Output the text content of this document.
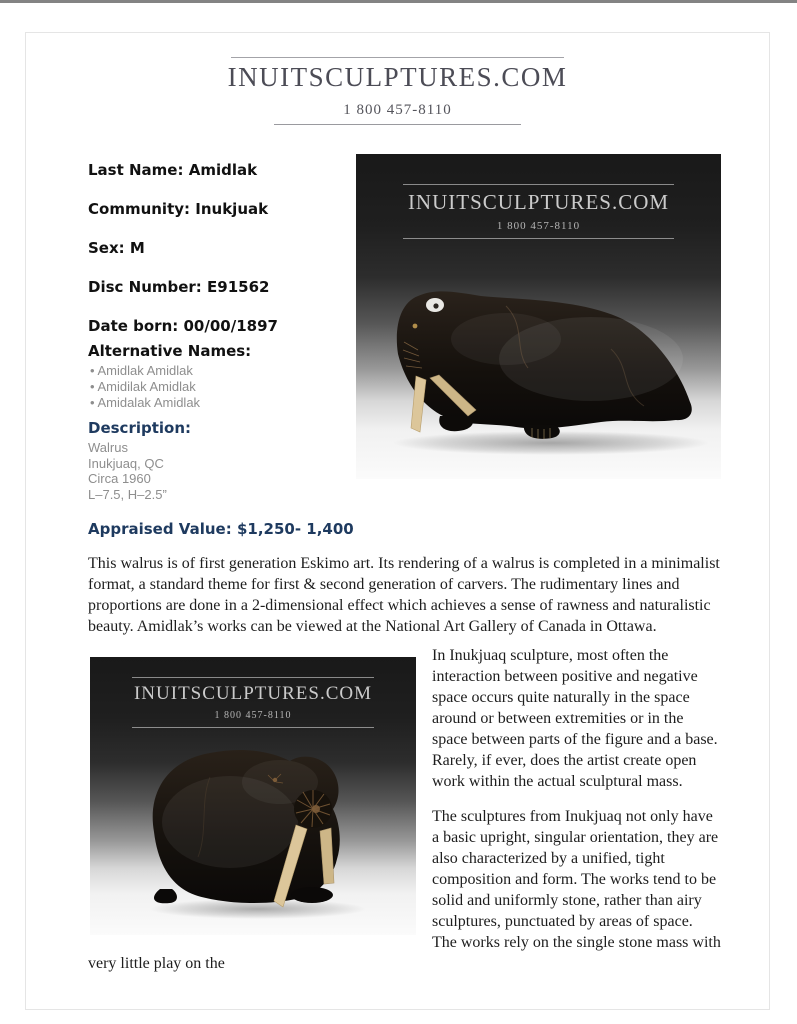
INUITSCULPTURES.COM
1 800 457-8110
INUITSCULPTURES.COM
1 800 457-8110

Last Name: Amidlak

Community: Inukjuak

Sex: M

Disc Number: E91562

Date born: 00/00/1897

Alternative Names:

• Amidlak Amidlak

• Amidilak Amidlak

• Amidalak Amidlak

Description:

Walrus

Inukjuaq, QC

Circa 1960

L–7.5, H–2.5”

Appraised Value: $1,250- 1,400

This walrus is of first generation Eskimo art. Its rendering of a walrus is completed in a minimalist format, a standard theme for first & second generation of carvers. The rudimentary lines and proportions are done in a 2-dimensional effect which achieves a sense of rawness and naturalistic beauty. Amidlak’s works can be viewed at the National Art Gallery of Canada in Ottawa.

INUITSCULPTURES.COM
1 800 457-8110

In Inukjuaq sculpture, most often the interaction between positive and negative space occurs quite naturally in the space around or between extremities or in the space between parts of the figure and a base. Rarely, if ever, does the artist create open work within the actual sculptural mass.

The sculptures from Inukjuaq not only have a basic upright, singular orientation, they are also characterized by a unified, tight composition and form. The works tend to be solid and uniformly stone, rather than airy sculptures, punctuated by areas of space. The works rely on the single stone mass with very little play on the
